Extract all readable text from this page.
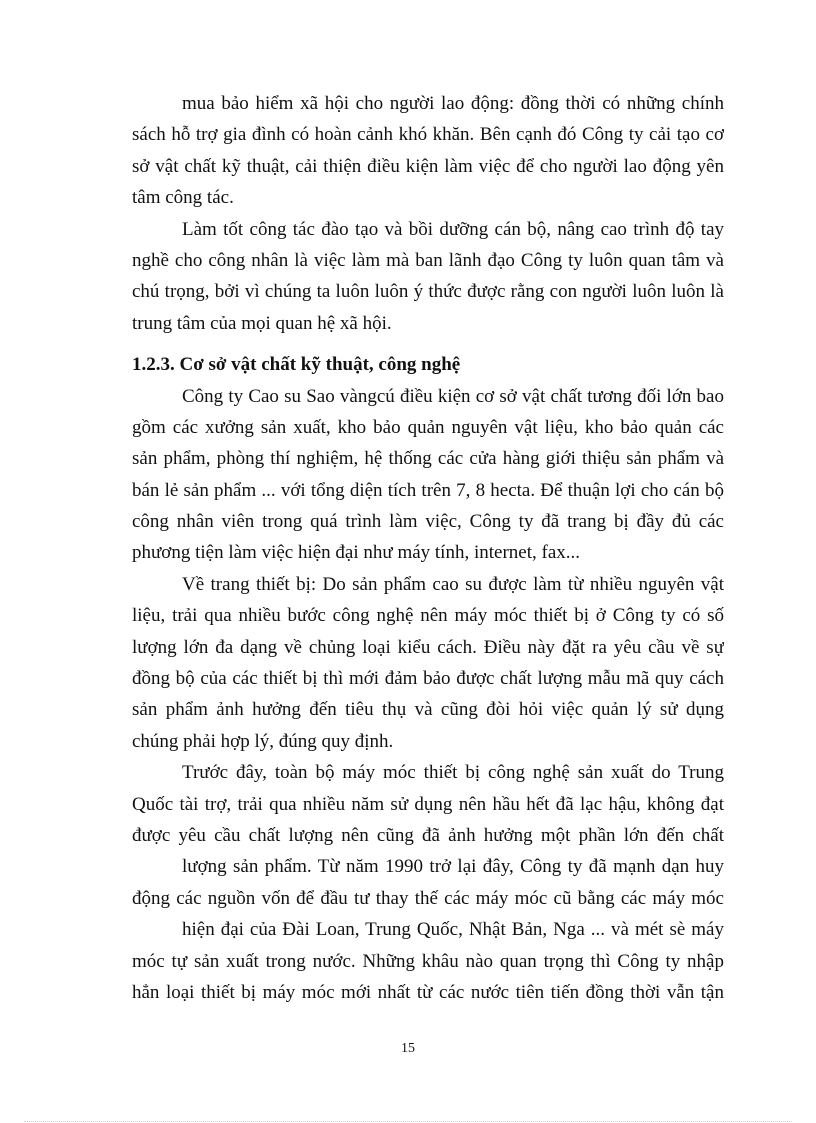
mua bảo hiểm xã hội cho người lao động: đồng thời có những chính
sách hỗ trợ gia đình có hoàn cảnh khó khăn. Bên cạnh đó Công ty cải tạo cơ
sở vật chất kỹ thuật, cải thiện điều kiện làm việc để cho người lao động yên
tâm công tác.
Làm tốt công tác đào tạo và bồi dưỡng cán bộ, nâng cao trình độ tay
nghề cho công nhân là việc làm mà ban lãnh đạo Công ty luôn quan tâm và
chú trọng, bởi vì chúng ta luôn luôn ý thức được rằng con người luôn luôn là
trung tâm của mọi quan hệ xã hội.
1.2.3. Cơ sở vật chất kỹ thuật, công nghệ
Công ty Cao su Sao vàngcú điều kiện cơ sở vật chất tương đối lớn bao
gồm các xưởng sản xuất, kho bảo quản nguyên vật liệu, kho bảo quản các
sản phẩm, phòng thí nghiệm, hệ thống các cửa hàng giới thiệu sản phẩm và
bán lẻ sản phẩm ... với tổng diện tích trên 7, 8 hecta. Để thuận lợi cho cán bộ
công nhân viên trong quá trình làm việc, Công ty đã trang bị đầy đủ các
phương tiện làm việc hiện đại như máy tính, internet, fax...
Về trang thiết bị: Do sản phẩm cao su được làm từ nhiều nguyên vật
liệu, trải qua nhiều bước công nghệ nên máy móc thiết bị ở Công ty có số
lượng lớn đa dạng về chủng loại kiểu cách. Điều này đặt ra yêu cầu về sự
đồng bộ của các thiết bị thì mới đảm bảo được chất lượng mẫu mã quy cách
sản phẩm ảnh hưởng đến tiêu thụ và cũng đòi hỏi việc quản lý sử dụng
chúng phải hợp lý, đúng quy định.
Trước đây, toàn bộ máy móc thiết bị công nghệ sản xuất do Trung
Quốc tài trợ, trải qua nhiều năm sử dụng nên hầu hết đã lạc hậu, không đạt
được yêu cầu chất lượng nên cũng đã ảnh hưởng một phần lớn đến chất
lượng sản phẩm. Từ năm 1990 trở lại đây, Công ty đã mạnh dạn huy
động các nguồn vốn để đầu tư thay thế các máy móc cũ bằng các máy móc
hiện đại của Đài Loan, Trung Quốc, Nhật Bản, Nga ... và mét sè máy
móc tự sản xuất trong nước. Những khâu nào quan trọng thì Công ty nhập
hẳn loại thiết bị máy móc mới nhất từ các nước tiên tiến đồng thời vẫn tận
15
